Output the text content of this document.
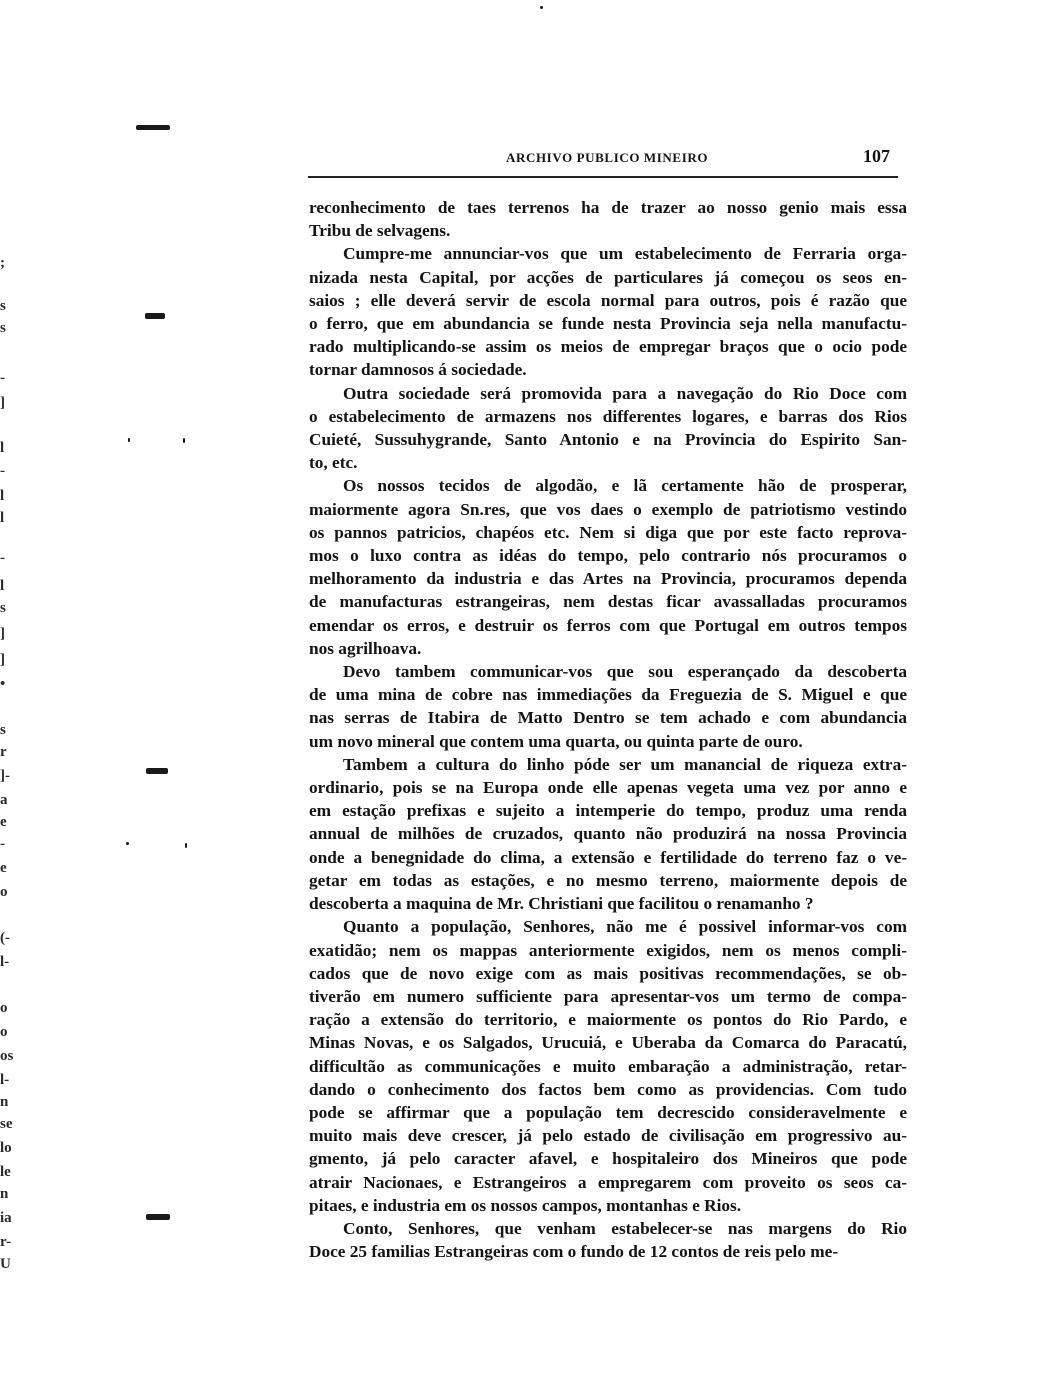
;
s
s
-
]
l
-
l
l
-
l
s
]
]
•
s
r
]-
a
e
-
e
o
(-
l-
o
o
os
l-
n
se
lo
le
n
ia
r-
U
ARCHIVO PUBLICO MINEIRO	107
reconhecimento de taes terrenos ha de trazer ao nosso genio mais essa
Tribu de selvagens.
Cumpre-me annunciar-vos que um estabelecimento de Ferraria orga-
nizada nesta Capital, por acções de particulares já começou os seos en-
saios ; elle deverá servir de escola normal para outros, pois é razão que
o ferro, que em abundancia se funde nesta Provincia seja nella manufactu-
rado multiplicando-se assim os meios de empregar braços que o ocio pode
tornar damnosos á sociedade.
Outra sociedade será promovida para a navegação do Rio Doce com
o estabelecimento de armazens nos differentes logares, e barras dos Rios
Cuieté, Sussuhygrande, Santo Antonio e na Provincia do Espirito San-
to, etc.
Os nossos tecidos de algodão, e lã certamente hão de prosperar,
maiormente agora Sn.res, que vos daes o exemplo de patriotismo vestindo
os pannos patricios, chapéos etc. Nem si diga que por este facto reprova-
mos o luxo contra as idéas do tempo, pelo contrario nós procuramos o
melhoramento da industria e das Artes na Provincia, procuramos dependa
de manufacturas estrangeiras, nem destas ficar avassalladas procuramos
emendar os erros, e destruir os ferros com que Portugal em outros tempos
nos agrilhoava.
Devo tambem communicar-vos que sou esperançado da descoberta
de uma mina de cobre nas immediações da Freguezia de S. Miguel e que
nas serras de Itabira de Matto Dentro se tem achado e com abundancia
um novo mineral que contem uma quarta, ou quinta parte de ouro.
Tambem a cultura do linho póde ser um manancial de riqueza extra-
ordinario, pois se na Europa onde elle apenas vegeta uma vez por anno e
em estação prefixas e sujeito a intemperie do tempo, produz uma renda
annual de milhões de cruzados, quanto não produzirá na nossa Provincia
onde a benegnidade do clima, a extensão e fertilidade do terreno faz o ve-
getar em todas as estações, e no mesmo terreno, maiormente depois de
descoberta a maquina de Mr. Christiani que facilitou o renamanho ?
Quanto a população, Senhores, não me é possivel informar-vos com
exatidão; nem os mappas anteriormente exigidos, nem os menos compli-
cados que de novo exige com as mais positivas recommendações, se ob-
tiverão em numero sufficiente para apresentar-vos um termo de compa-
ração a extensão do territorio, e maiormente os pontos do Rio Pardo, e
Minas Novas, e os Salgados, Urucuiá, e Uberaba da Comarca do Paracatú,
difficultão as communicações e muito embaração a administração, retar-
dando o conhecimento dos factos bem como as providencias. Com tudo
pode se affirmar que a população tem decrescido consideravelmente e
muito mais deve crescer, já pelo estado de civilisação em progressivo au-
gmento, já pelo caracter afavel, e hospitaleiro dos Mineiros que pode
atrair Nacionaes, e Estrangeiros a empregarem com proveito os seos ca-
pitaes, e industria em os nossos campos, montanhas e Rios.
Conto, Senhores, que venham estabelecer-se nas margens do Rio
Doce 25 familias Estrangeiras com o fundo de 12 contos de reis pelo me-
